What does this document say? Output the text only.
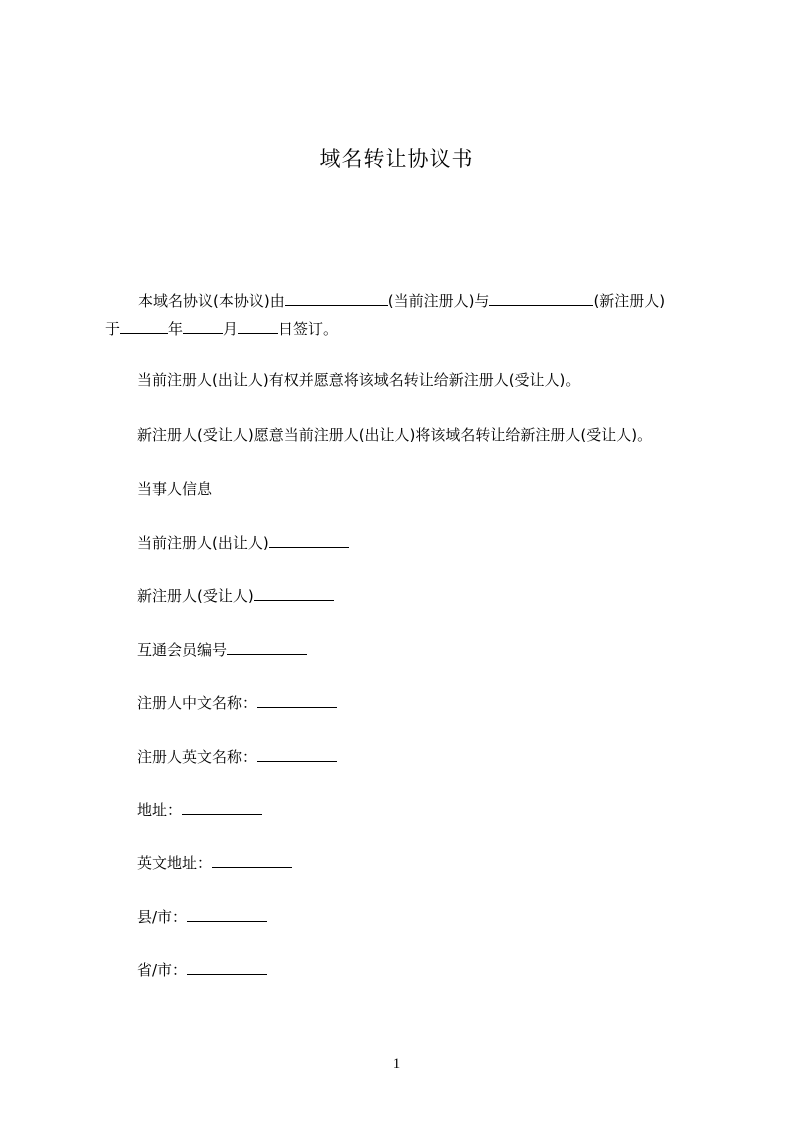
域名转让协议书
本域名协议(本协议)由	(当前注册人)与	(新注册人)
于	年	月	日签订。
当前注册人(出让人)有权并愿意将该域名转让给新注册人(受让人)。
新注册人(受让人)愿意当前注册人(出让人)将该域名转让给新注册人(受让人)。
当事人信息
当前注册人(出让人)
新注册人(受让人)
互通会员编号
注册人中文名称：
注册人英文名称：
地址：
英文地址：
县/市：
省/市：
1
